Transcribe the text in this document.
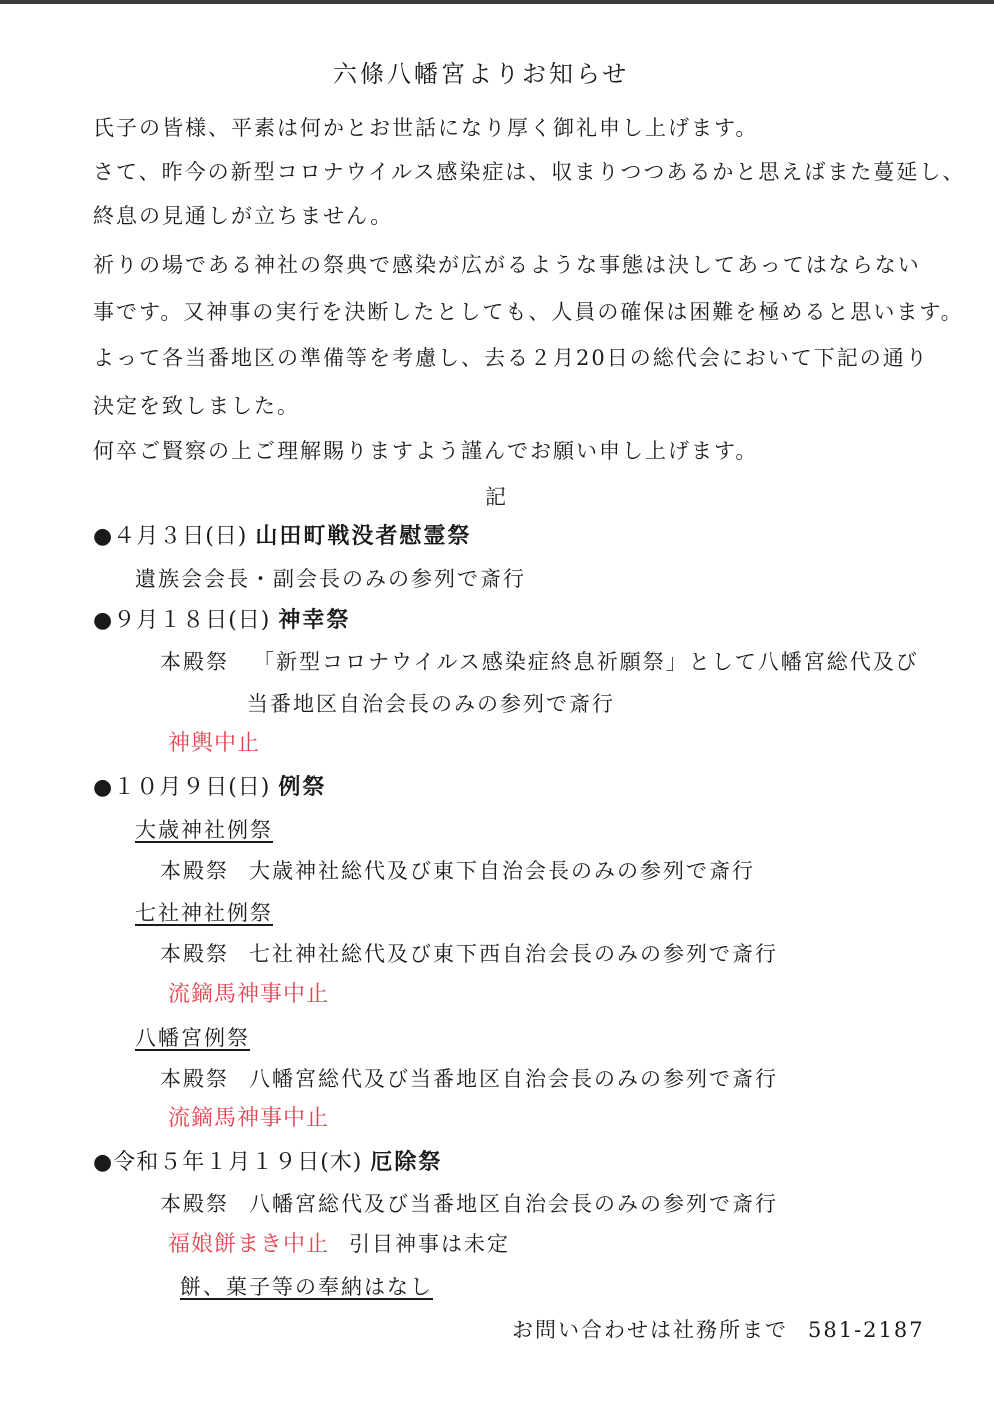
六條八幡宮よりお知らせ
氏子の皆様、平素は何かとお世話になり厚く御礼申し上げます。
さて、昨今の新型コロナウイルス感染症は、収まりつつあるかと思えばまた蔓延し、
終息の見通しが立ちません。
祈りの場である神社の祭典で感染が広がるような事態は決してあってはならない
事です。又神事の実行を決断したとしても、人員の確保は困難を極めると思います。
よって各当番地区の準備等を考慮し、去る２月20日の総代会において下記の通り
決定を致しました。
何卒ご賢察の上ご理解賜りますよう謹んでお願い申し上げます。
記
●４月３日(日) 山田町戦没者慰霊祭
遺族会会長・副会長のみの参列で斎行
●９月１８日(日) 神幸祭
本殿祭 「新型コロナウイルス感染症終息祈願祭」として八幡宮総代及び
当番地区自治会長のみの参列で斎行
神輿中止
●１０月９日(日) 例祭
大歳神社例祭
本殿祭 大歳神社総代及び東下自治会長のみの参列で斎行
七社神社例祭
本殿祭 七社神社総代及び東下西自治会長のみの参列で斎行
流鏑馬神事中止
八幡宮例祭
本殿祭 八幡宮総代及び当番地区自治会長のみの参列で斎行
流鏑馬神事中止
●令和５年１月１９日(木) 厄除祭
本殿祭 八幡宮総代及び当番地区自治会長のみの参列で斎行
福娘餅まき中止 引目神事は未定
餅、菓子等の奉納はなし
お問い合わせは社務所まで 581-2187
